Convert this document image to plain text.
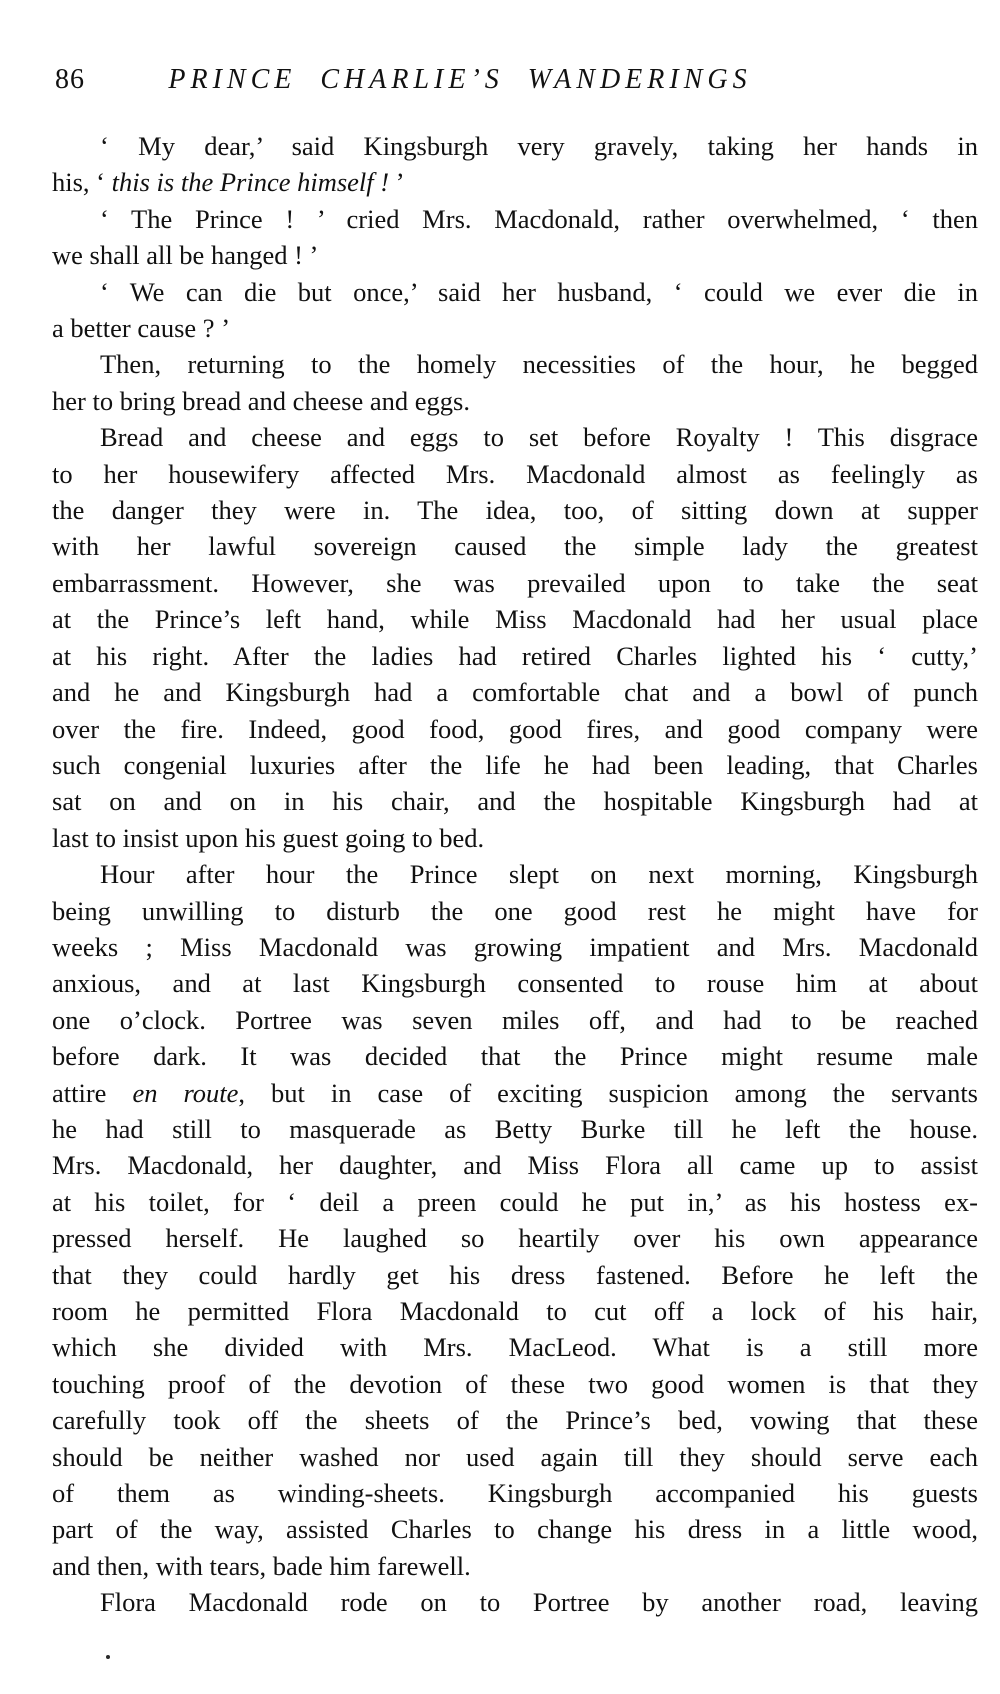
86	PRINCE CHARLIE’S WANDERINGS
‘ My dear,’ said Kingsburgh very gravely, taking her hands in
his, ‘ this is the Prince himself ! ’
‘ The Prince ! ’ cried Mrs. Macdonald, rather overwhelmed, ‘ then
we shall all be hanged ! ’
‘ We can die but once,’ said her husband, ‘ could we ever die in
a better cause ? ’
Then, returning to the homely necessities of the hour, he begged
her to bring bread and cheese and eggs.
Bread and cheese and eggs to set before Royalty ! This disgrace
to her housewifery affected Mrs. Macdonald almost as feelingly as
the danger they were in. The idea, too, of sitting down at supper
with her lawful sovereign caused the simple lady the greatest
embarrassment. However, she was prevailed upon to take the seat
at the Prince’s left hand, while Miss Macdonald had her usual place
at his right. After the ladies had retired Charles lighted his ‘ cutty,’
and he and Kingsburgh had a comfortable chat and a bowl of punch
over the fire. Indeed, good food, good fires, and good company were
such congenial luxuries after the life he had been leading, that Charles
sat on and on in his chair, and the hospitable Kingsburgh had at
last to insist upon his guest going to bed.
Hour after hour the Prince slept on next morning, Kingsburgh
being unwilling to disturb the one good rest he might have for
weeks ; Miss Macdonald was growing impatient and Mrs. Macdonald
anxious, and at last Kingsburgh consented to rouse him at about
one o’clock. Portree was seven miles off, and had to be reached
before dark. It was decided that the Prince might resume male
attire en route, but in case of exciting suspicion among the servants
he had still to masquerade as Betty Burke till he left the house.
Mrs. Macdonald, her daughter, and Miss Flora all came up to assist
at his toilet, for ‘ deil a preen could he put in,’ as his hostess ex-
pressed herself. He laughed so heartily over his own appearance
that they could hardly get his dress fastened. Before he left the
room he permitted Flora Macdonald to cut off a lock of his hair,
which she divided with Mrs. MacLeod. What is a still more
touching proof of the devotion of these two good women is that they
carefully took off the sheets of the Prince’s bed, vowing that these
should be neither washed nor used again till they should serve each
of them as winding-sheets. Kingsburgh accompanied his guests
part of the way, assisted Charles to change his dress in a little wood,
and then, with tears, bade him farewell.
Flora Macdonald rode on to Portree by another road, leaving
